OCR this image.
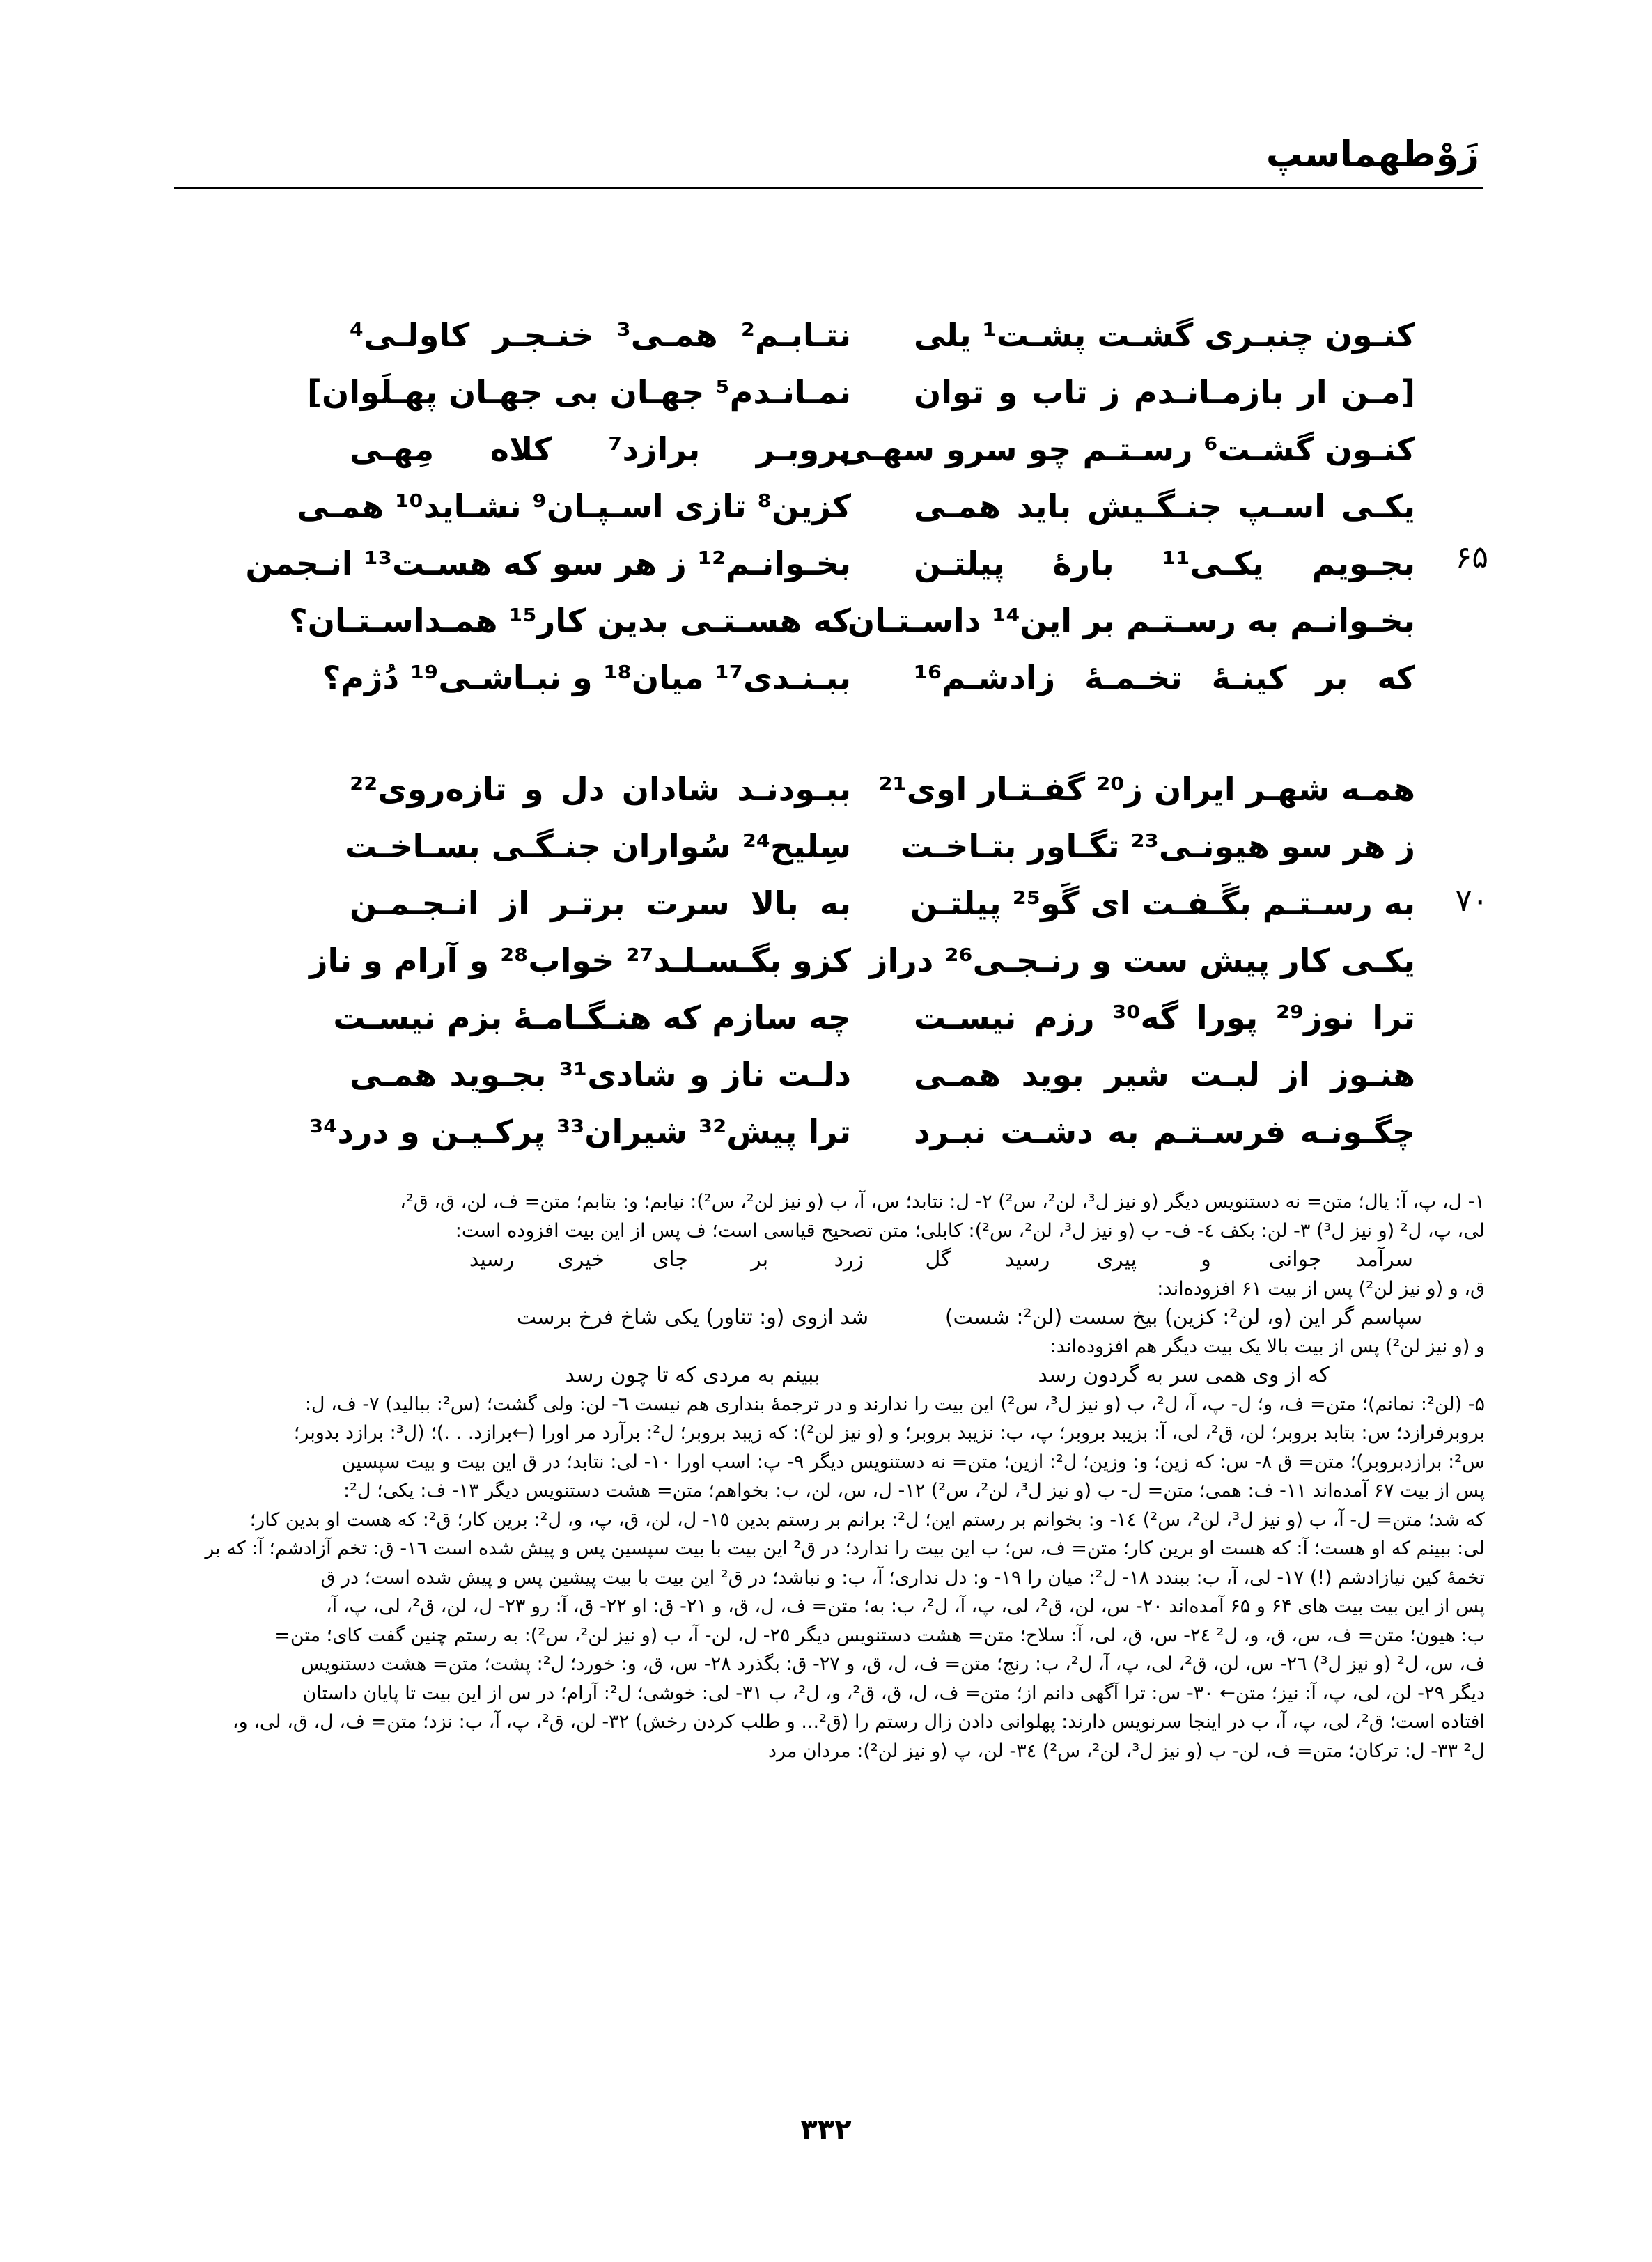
زَوْطهماسپ
۶۵
۷۰
کنـون چنبـری گشـت پشـت¹ یلی
[مـن ار بازمـانـدم ز تاب و توان
کنـون گشـت⁶ رسـتـم چو سرو سهـی
یکـی اسـپ جنـگـیش باید همـی
بجـویم یکـی¹¹ بارهٔ پیلتـن
بخـوانـم به رسـتـم بر این¹⁴ داسـتـان
که بر کینـهٔ تخـمـهٔ زادشـم¹⁶
همـه شهـر ایران ز²⁰ گفـتـار اوی²¹
ز هر سو هیونـی²³ تگـاور بتـاخـت
به رسـتـم بگَـفـت ای گَو²⁵ پیلتـن
یکـی کار پیش ست و رنـجـی²⁶ دراز
ترا نوز²⁹ پورا گه³⁰ رزم نیسـت
هنـوز از لبـت شیر بوید همـی
چگـونـه فرسـتـم به دشـت نبـرد
نتـابـم² همـی³ خنـجـر کاولـی⁴
نمـانـدم⁵ جهـان بی جهـان پهـلَوان]
بروبـر برازد⁷ کلاه مِهـی
کزین⁸ تازی اسـپـان⁹ نشـاید¹⁰ همـی
بخـوانـم¹² ز هر سو که هسـت¹³ انـجمن
که هسـتـی بدین کار¹⁵ همـداسـتـان؟
ببـنـدی¹⁷ میان¹⁸ و نبـاشـی¹⁹ دُژم؟
ببـودنـد شادان دل و تازه‌روی²²
سِلیح²⁴ سُواران جنـگـی بسـاخـت
به بالا سرت برتـر از انـجـمـن
کزو بگـسـلـد²⁷ خواب²⁸ و آرام و ناز
چه سازم که هنـگـامـهٔ بزم نیسـت
دلـت ناز و شادی³¹ بجـوید همـی
ترا پیش³² شیران³³ پرکـیـن و درد³⁴
۱- ل، پ، آ: یال؛ متن= نه دستنویس دیگر (و نیز ل³، لن²، س²) ۲- ل: نتابد؛ س، آ، ب (و نیز لن²، س²): نیابم؛ و: بتابم؛ متن= ف، لن، ق، ق²،
لی، پ، ل² (و نیز ل³) ۳- لن: بکف ٤- ف- ب (و نیز ل³، لن²، س²): کابلی؛ متن تصحیح قیاسی است؛ ف پس از این بیت افزوده است:
سرآمد
جوانی
و
پیری
رسید
گل
زرد
بر
جای
خیری
رسید
ق، و (و نیز لن²) پس از بیت ۶۱ افزوده‌اند:
سپاسم گر این (و، لن²: کزین) بیخ سست (لن²: شست)
شد ازوی (و: تناور) یکی شاخ فرخ برست
و (و نیز لن²) پس از بیت بالا یک بیت دیگر هم افزوده‌اند:
که از وی همی سر به گردون رسد
ببینم به مردی که تا چون رسد
۵- (لن²: نمانم)؛ متن= ف، و؛ ل- پ، آ، ل²، ب (و نیز ل³، س²) این بیت را ندارند و در ترجمهٔ بنداری هم نیست ٦- لن: ولی گشت؛ (س²: ببالید) ۷- ف، ل:
بروبرفرازد؛ س: بتابد بروبر؛ لن، ق²، لی، آ: بزیبد بروبر؛ پ، ب: نزیبد بروبر؛ و (و نیز لن²): که زیبد بروبر؛ ل²: برآرد مر اورا (←برازد. . .)؛ (ل³: برازد بدوبر؛
س²: برازدبروبر)؛ متن= ق ۸- س: که زین؛ و: وزین؛ ل²: ازین؛ متن= نه دستنویس دیگر ۹- پ: اسب اورا ۱۰- لی: نتابد؛ در ق این بیت و بیت سپسین
پس از بیت ۶۷ آمده‌اند ۱۱- ف: همی؛ متن= ل- ب (و نیز ل³، لن²، س²) ۱۲- ل، س، لن، ب: بخواهم؛ متن= هشت دستنویس دیگر ۱۳- ف: یکی؛ ل²:
که شد؛ متن= ل- آ، ب (و نیز ل³، لن²، س²) ١٤- و: بخوانم بر رستم این؛ ل²: برانم بر رستم بدین ١٥- ل، لن، ق، پ، و، ل²: برین کار؛ ق²: که هست او بدین کار؛
لی: ببینم که او هست؛ آ: که هست او برین کار؛ متن= ف، س؛ ب این بیت را ندارد؛ در ق² این بیت با بیت سپسین پس و پیش شده است ١٦- ق: تخم آزادشم؛ آ: که بر
تخمهٔ کین نیازادشم (!) ۱۷- لی، آ، ب: ببندد ۱۸- ل²: میان را ۱۹- و: دل نداری؛ آ، ب: و نباشد؛ در ق² این بیت با بیت پیشین پس و پیش شده است؛ در ق
پس از این بیت بیت های ۶۴ و ۶۵ آمده‌اند ۲۰- س، لن، ق²، لی، پ، آ، ل²، ب: به؛ متن= ف، ل، ق، و ۲۱- ق: او ۲۲- ق، آ: رو ۲۳- ل، لن، ق²، لی، پ، آ،
ب: هیون؛ متن= ف، س، ق، و، ل² ٢٤- س، ق، لی، آ: سلاح؛ متن= هشت دستنویس دیگر ٢٥- ل، لن- آ، ب (و نیز لن²، س²): به رستم چنین گفت کای؛ متن=
ف، س، ل² (و نیز ل³) ٢٦- س، لن، ق²، لی، پ، آ، ل²، ب: رنج؛ متن= ف، ل، ق، و ۲۷- ق: بگذرد ۲۸- س، ق، و: خورد؛ ل²: پشت؛ متن= هشت دستنویس
دیگر ۲۹- لن، لی، پ، آ: نیز؛ متن← ۳۰- س: ترا آگهی دانم از؛ متن= ف، ل، ق، ق²، و، ل²، ب ۳۱- لی: خوشی؛ ل²: آرام؛ در س از این بیت تا پایان داستان
افتاده است؛ ق²، لی، پ، آ، ب در اینجا سرنویس دارند: پهلوانی دادن زال رستم را (ق²... و طلب کردن رخش) ۳۲- لن، ق²، پ، آ، ب: نزد؛ متن= ف، ل، ق، لی، و،
ل² ۳۳- ل: ترکان؛ متن= ف، لن- ب (و نیز ل³، لن²، س²) ٣٤- لن، پ (و نیز لن²): مردان مرد
۳۳۲
